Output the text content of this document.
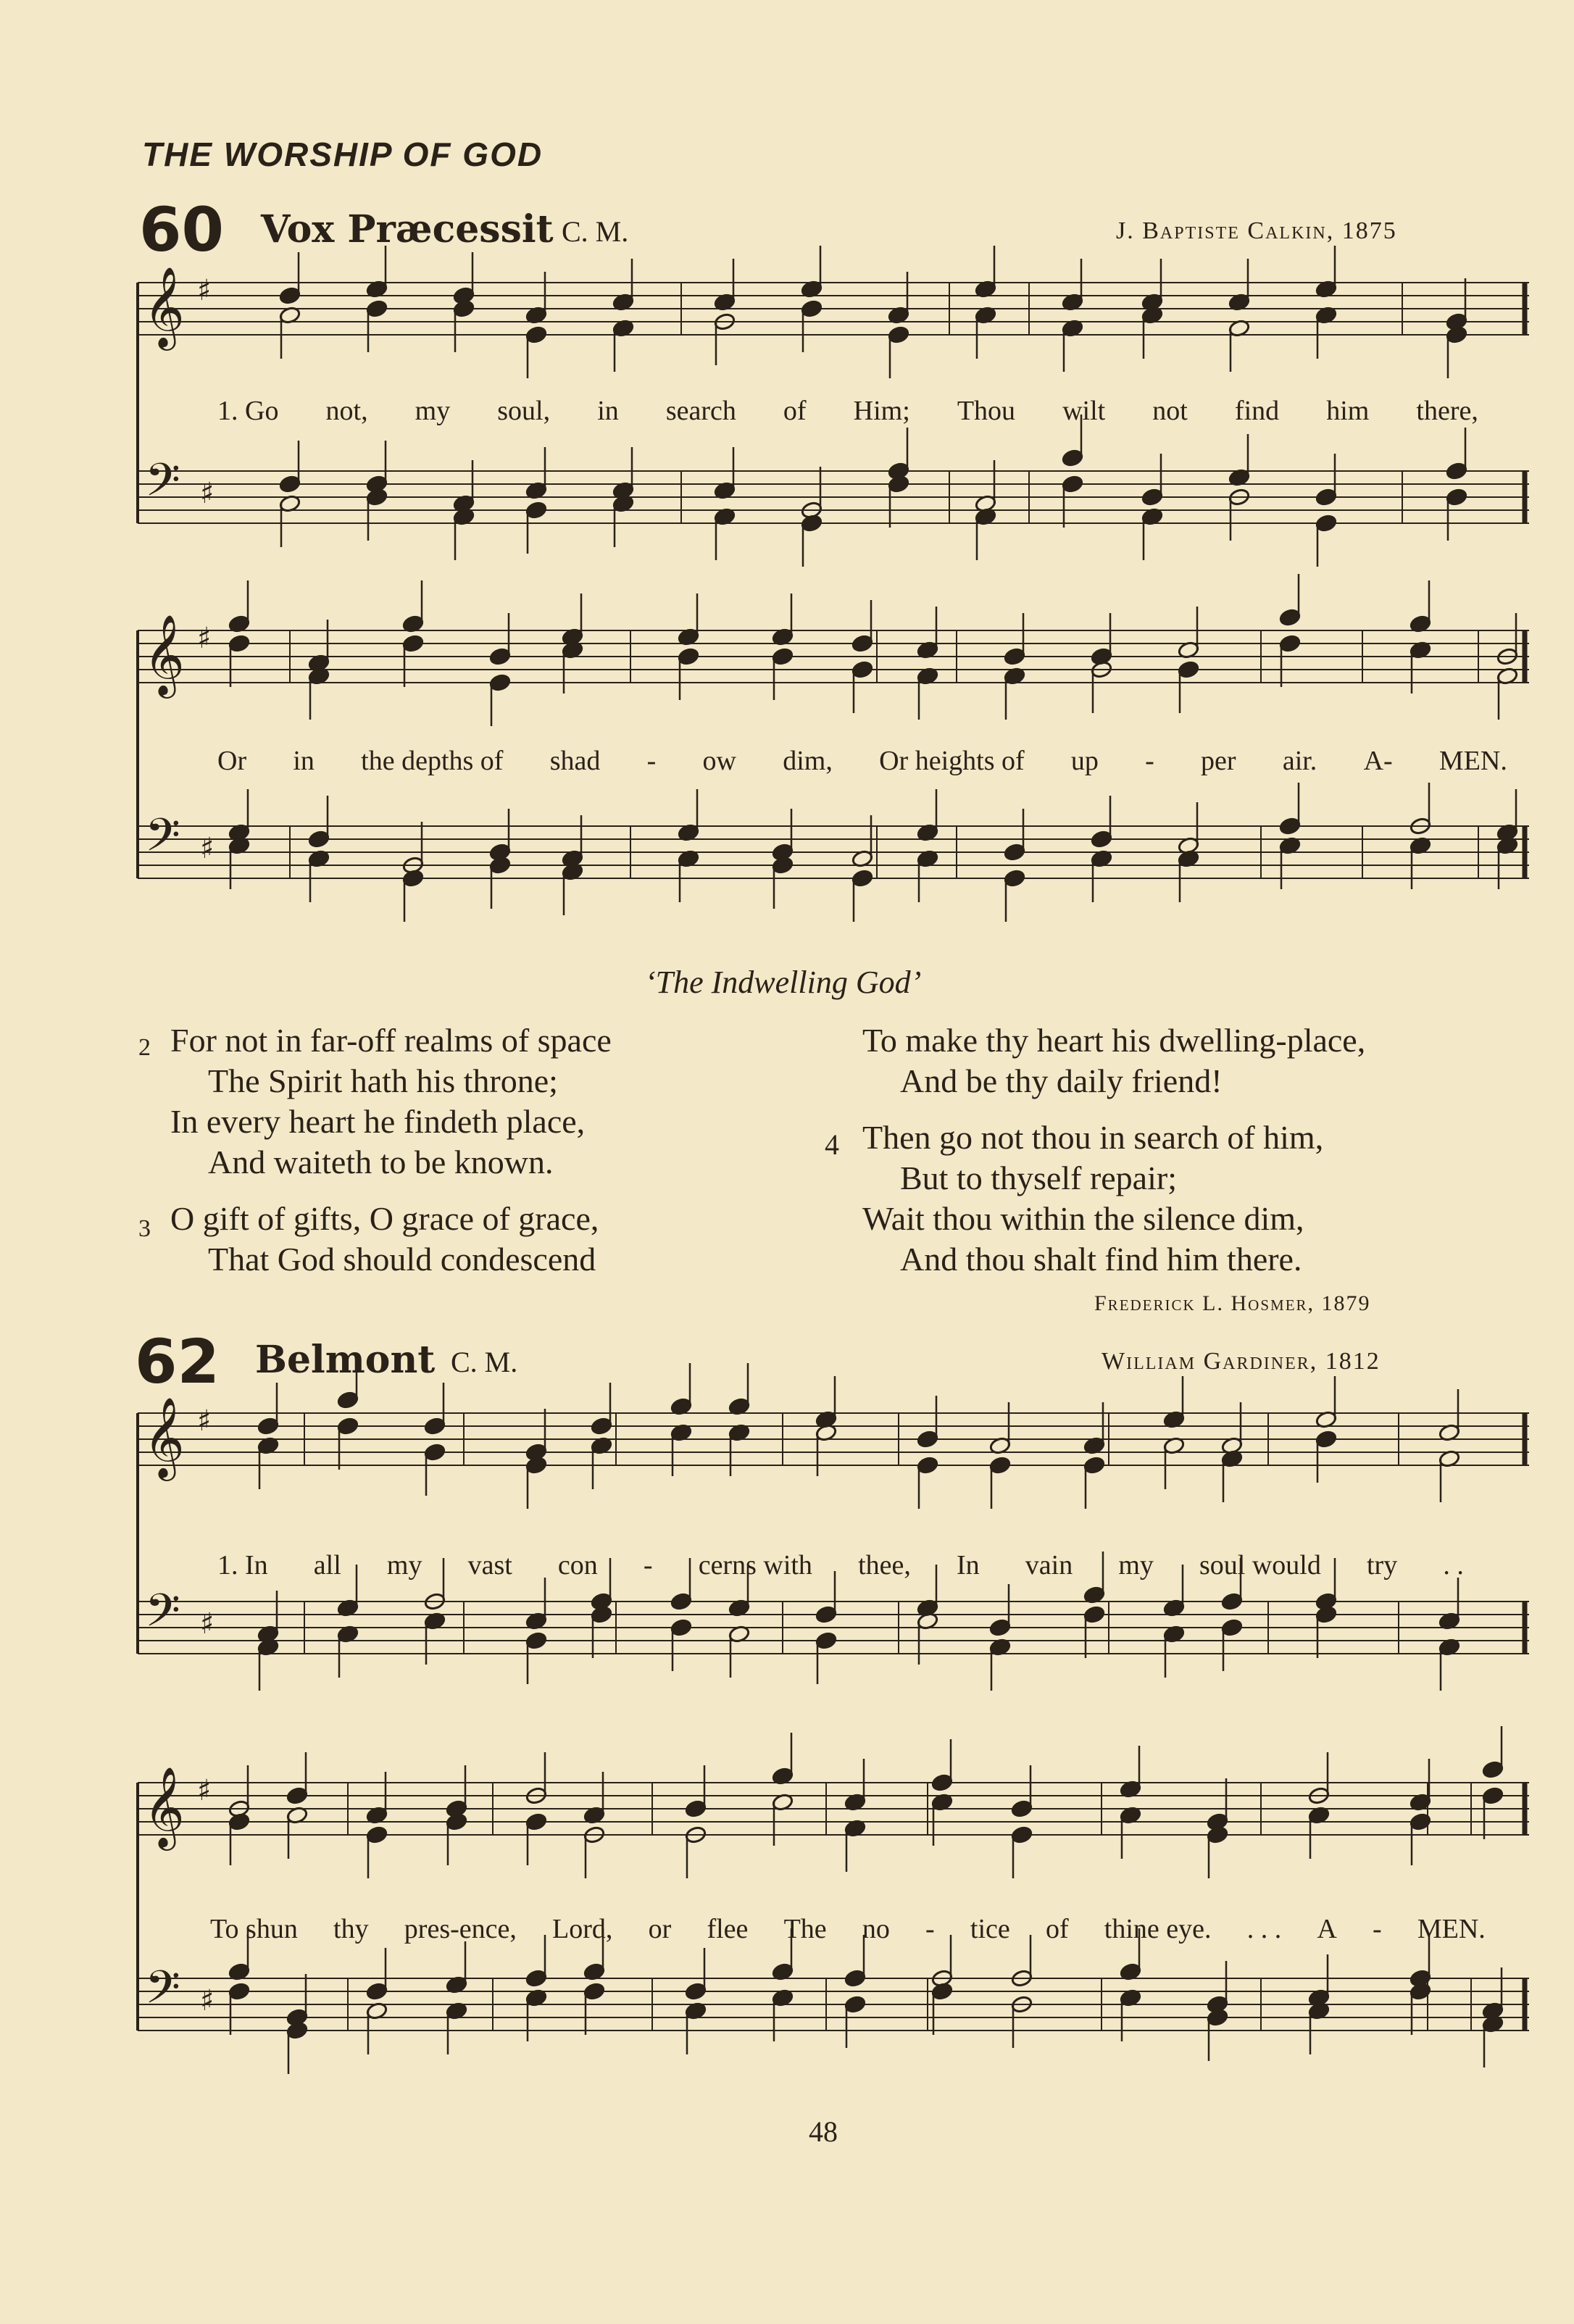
THE WORSHIP OF GOD
60 Vox Præcessit C. M.	J. Baptiste Calkin, 1875
𝄞
𝄢
♯
♯
1. Go not, my soul, in search of Him; Thou wilt not find him there,
𝄞
𝄢
♯
♯
Or in the depths of shad - ow dim, Or heights of up - per air. A- MEN.
‘The Indwelling God’
2 For not in far-off realms of space
The Spirit hath his throne;
In every heart he findeth place,
And waiteth to be known.
3 O gift of gifts, O grace of grace,
That God should condescend
To make thy heart his dwelling-place,
And be thy daily friend!
4 Then go not thou in search of him,
But to thyself repair;
Wait thou within the silence dim,
And thou shalt find him there.
Frederick L. Hosmer, 1879
62 Belmont C. M.	William Gardiner, 1812
𝄞
𝄢
♯
♯
1. In all my vast con - cerns with thee, In vain my soul would try . .
𝄞
𝄢
♯
♯
To shun thy pres-ence, Lord, or flee The no - tice of thine eye. . . . A - MEN.
48
